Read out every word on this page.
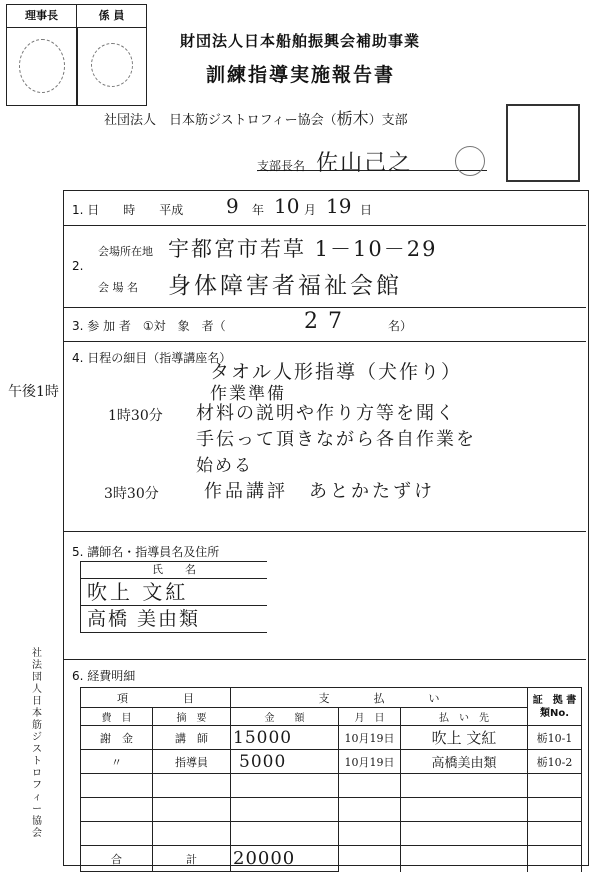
理事長	係 員
財団法人日本船舶振興会補助事業
訓練指導実施報告書
社団法人　日本筋ジストロフィー協会（栃木）支部
支部長名 佐山己之
社法団人日本筋ジストロフィー協会
1. 日　　時　　平成 9 年 10 月 19 日
2.
会場所在地 宇都宮市若草 1－10－29
会 場 名 身体障害者福祉会館
3. 参 加 者　①対　象　者（	27	名）
4. 日程の細目（指導講座名）
タオル人形指導（犬作り）
午後1時	作業準備
1時30分 材料の説明や作り方等を聞く
手伝って頂きながら各自作業を
始める
3時30分	作品講評　あとかたずけ
5. 講師名・指導員名及住所
氏　　名
吹上 文紅
高橋 美由類
6. 経費明細
項　　　　　目		支　　　　払　　　　い			証　拠 書類No.
費　目	摘　要	金　　額	月　日	払　い　先	
謝　金	講　師	15000	10月19日	吹上 文紅	栃10-1
〃	指導員	5000	10月19日	高橋美由類	栃10-2

合	計	20000			
